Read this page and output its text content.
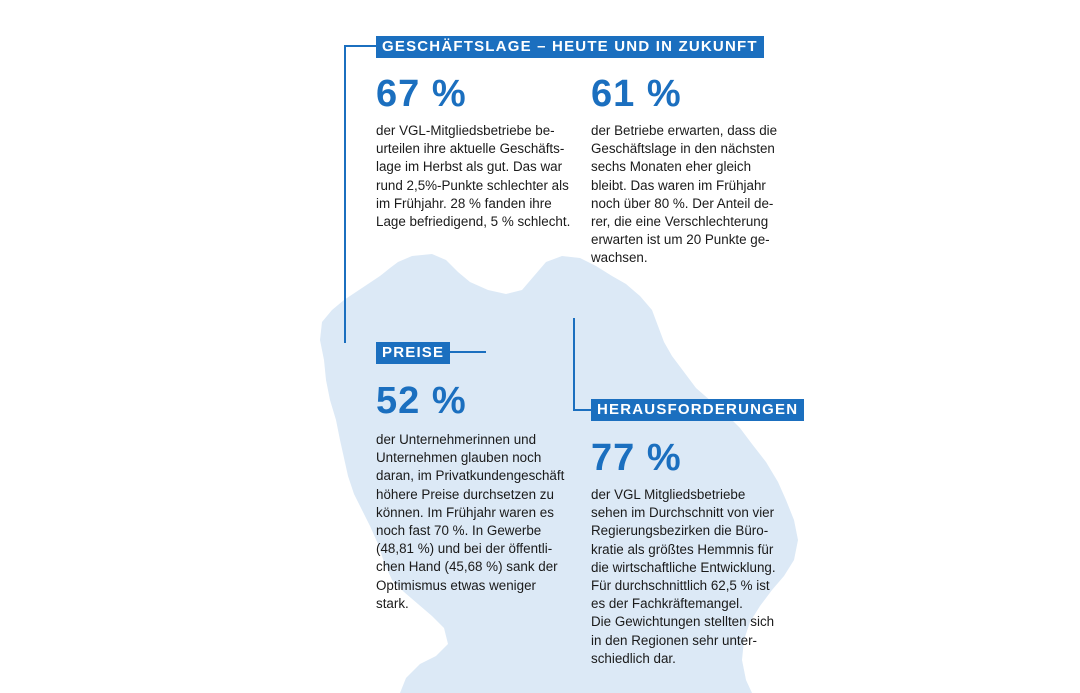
GESCHÄFTSLAGE – HEUTE UND IN ZUKUNFT
67 %
der VGL-Mitgliedsbetriebe be-
urteilen ihre aktuelle Geschäfts-
lage im Herbst als gut. Das war
rund 2,5%-Punkte schlechter als
im Frühjahr. 28 % fanden ihre
Lage befriedigend, 5 % schlecht.
61 %
der Betriebe erwarten, dass die
Geschäftslage in den nächsten
sechs Monaten eher gleich
bleibt. Das waren im Frühjahr
noch über 80 %. Der Anteil de-
rer, die eine Verschlechterung
erwarten ist um 20 Punkte ge-
wachsen.
PREISE
52 %
der Unternehmerinnen und
Unternehmen glauben noch
daran, im Privatkundengeschäft
höhere Preise durchsetzen zu
können. Im Frühjahr waren es
noch fast 70 %. In Gewerbe
(48,81 %) und bei der öffentli-
chen Hand (45,68 %) sank der
Optimismus etwas weniger
stark.
HERAUSFORDERUNGEN
77 %
der VGL Mitgliedsbetriebe
sehen im Durchschnitt von vier
Regierungsbezirken die Büro-
kratie als größtes Hemmnis für
die wirtschaftliche Entwicklung.
Für durchschnittlich 62,5 % ist
es der Fachkräftemangel.
Die Gewichtungen stellten sich
in den Regionen sehr unter-
schiedlich dar.
